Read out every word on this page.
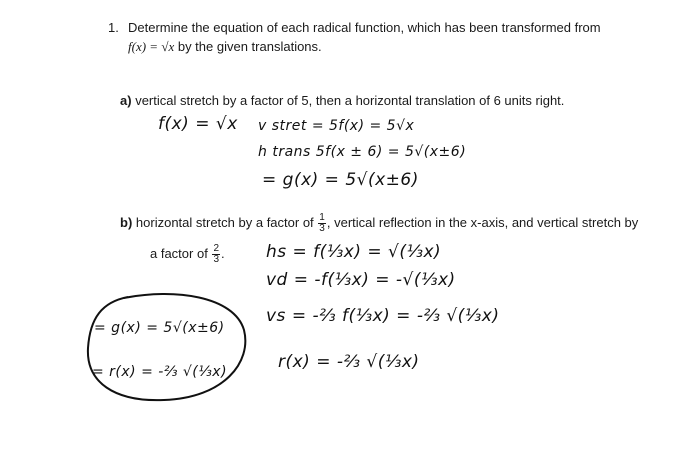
1. Determine the equation of each radical function, which has been transformed from
f(x) = √x by the given translations.
a) vertical stretch by a factor of 5, then a horizontal translation of 6 units right.
b) horizontal stretch by a factor of $\frac{1}{3}$ , vertical reflection in the x-axis, and vertical stretch by
a factor of $\frac{2}{3}$ .
f(x) = √x v stret = 5f(x) = 5√x
h trans 5f(x ± 6) = 5√(x±6)
= g(x) = 5√(x±6)
hs = f(⅓x) = √(⅓x)
vd = -f(⅓x) = -√(⅓x)
vs = -⅔ f(⅓x) = -⅔ √(⅓x)
r(x) = -⅔ √(⅓x)
= g(x) = 5√(x±6)
= r(x) = -⅔ √(⅓x)
